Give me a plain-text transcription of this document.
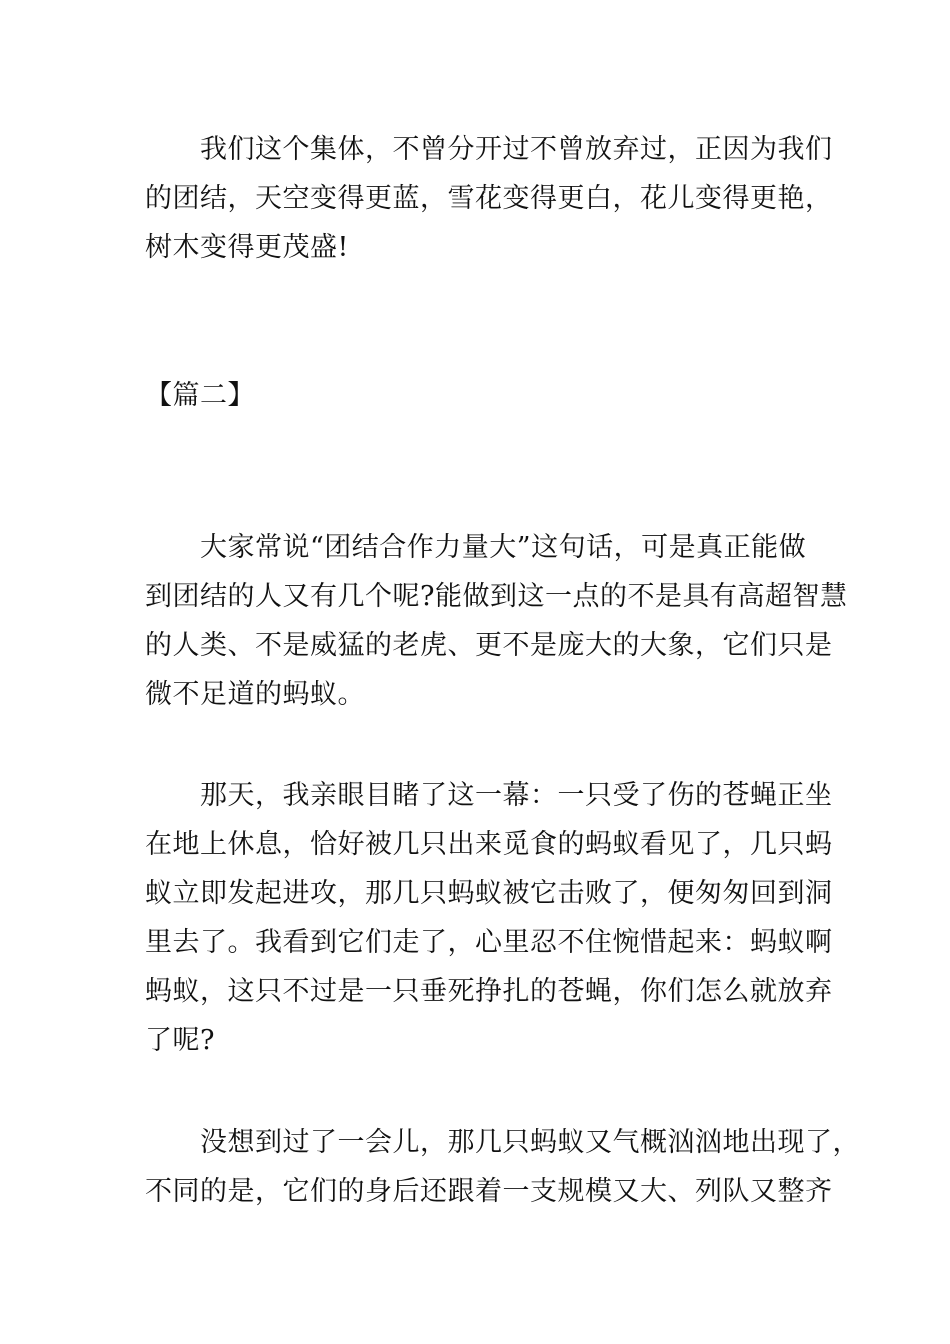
我们这个集体，不曾分开过不曾放弃过，正因为我们
的团结，天空变得更蓝，雪花变得更白，花儿变得更艳，
树木变得更茂盛!
【篇二】
大家常说“团结合作力量大”这句话，可是真正能做
到团结的人又有几个呢?能做到这一点的不是具有高超智慧
的人类、不是威猛的老虎、更不是庞大的大象，它们只是
微不足道的蚂蚁。
那天，我亲眼目睹了这一幕：一只受了伤的苍蝇正坐
在地上休息，恰好被几只出来觅食的蚂蚁看见了，几只蚂
蚁立即发起进攻，那几只蚂蚁被它击败了，便匆匆回到洞
里去了。我看到它们走了，心里忍不住惋惜起来：蚂蚁啊
蚂蚁，这只不过是一只垂死挣扎的苍蝇，你们怎么就放弃
了呢?
没想到过了一会儿，那几只蚂蚁又气概汹汹地出现了，
不同的是，它们的身后还跟着一支规模又大、列队又整齐
